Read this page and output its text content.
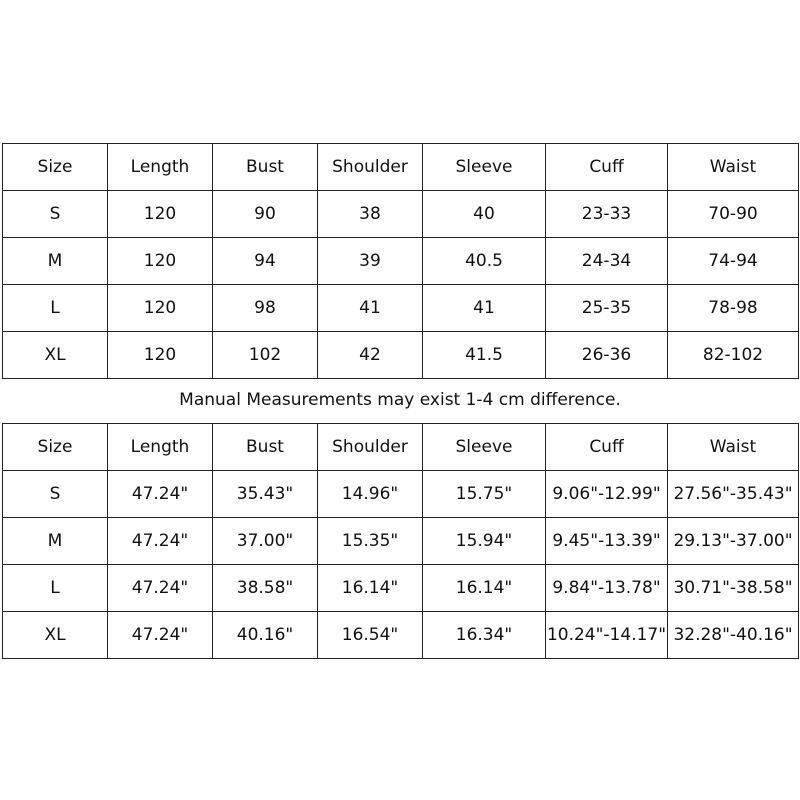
Size	Length	Bust	Shoulder	Sleeve	Cuff	Waist
S	120	90	38	40	23-33	70-90
M	120	94	39	40.5	24-34	74-94
L	120	98	41	41	25-35	78-98
XL	120	102	42	41.5	26-36	82-102

Manual Measurements may exist 1-4 cm difference.

Size	Length	Bust	Shoulder	Sleeve	Cuff	Waist
S	47.24"	35.43"	14.96"	15.75"	9.06"-12.99"	27.56"-35.43"
M	47.24"	37.00"	15.35"	15.94"	9.45"-13.39"	29.13"-37.00"
L	47.24"	38.58"	16.14"	16.14"	9.84"-13.78"	30.71"-38.58"
XL	47.24"	40.16"	16.54"	16.34"	10.24"-14.17"	32.28"-40.16"
